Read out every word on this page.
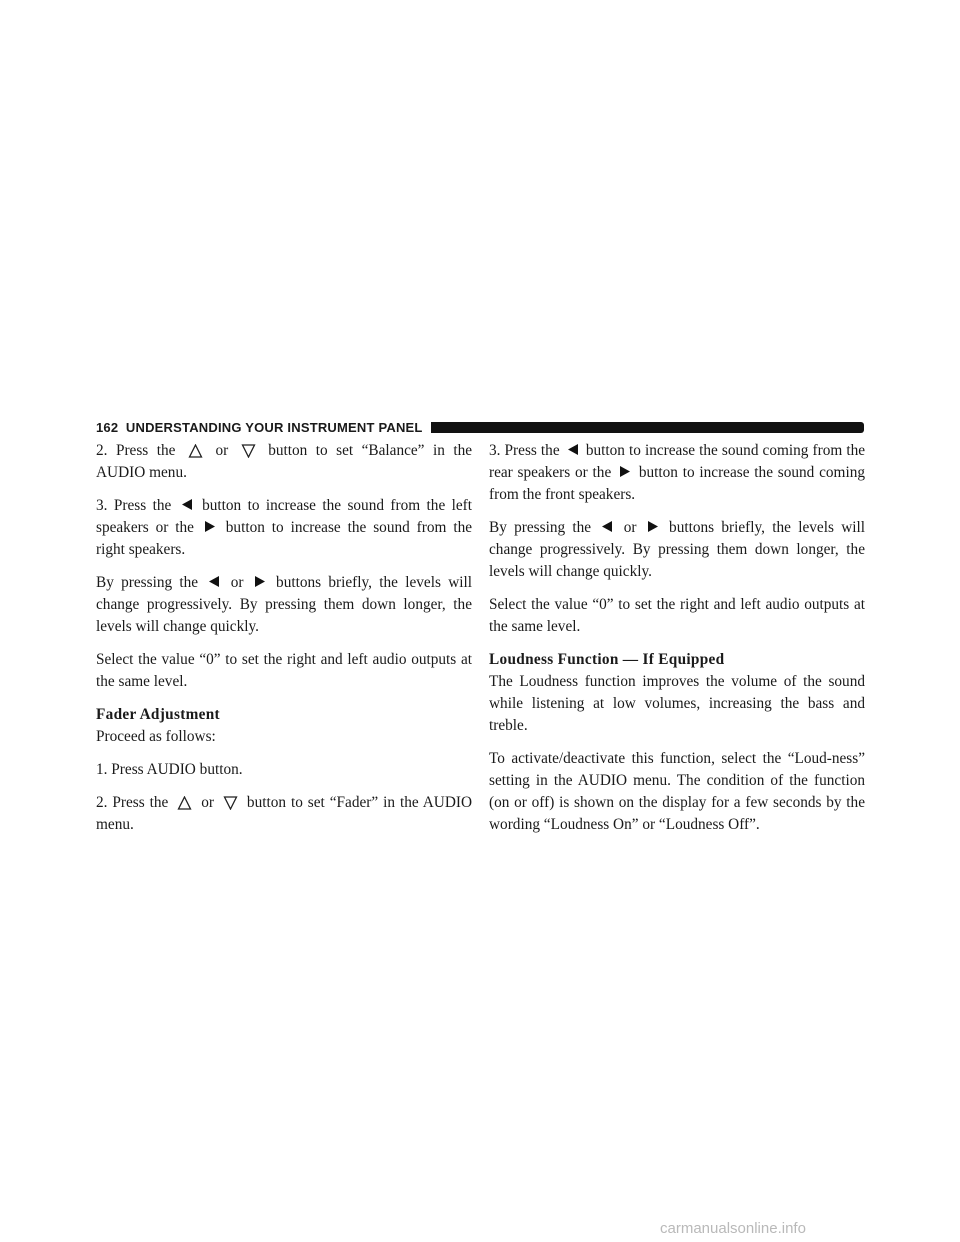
162 UNDERSTANDING YOUR INSTRUMENT PANEL

2. Press the	or	button to set “Balance” in the AUDIO menu.

3. Press the button to increase the sound from the left speakers or the button to increase the sound from the right speakers.

By pressing the or buttons briefly, the levels will change progressively. By pressing them down longer, the levels will change quickly.

Select the value “0” to set the right and left audio outputs at the same level.

Fader Adjustment

Proceed as follows:

1. Press AUDIO button.

2. Press the or button to set “Fader” in the AUDIO menu.

3. Press the button to increase the sound coming from the rear speakers or the button to increase the sound coming from the front speakers.

By pressing the or buttons briefly, the levels will change progressively. By pressing them down longer, the levels will change quickly.

Select the value “0” to set the right and left audio outputs at the same level.

Loudness Function — If Equipped

The Loudness function improves the volume of the sound while listening at low volumes, increasing the bass and treble.

To activate/deactivate this function, select the “Loud-ness” setting in the AUDIO menu. The condition of the function (on or off) is shown on the display for a few seconds by the wording “Loudness On” or “Loudness Off”.

carmanualsonline.info
